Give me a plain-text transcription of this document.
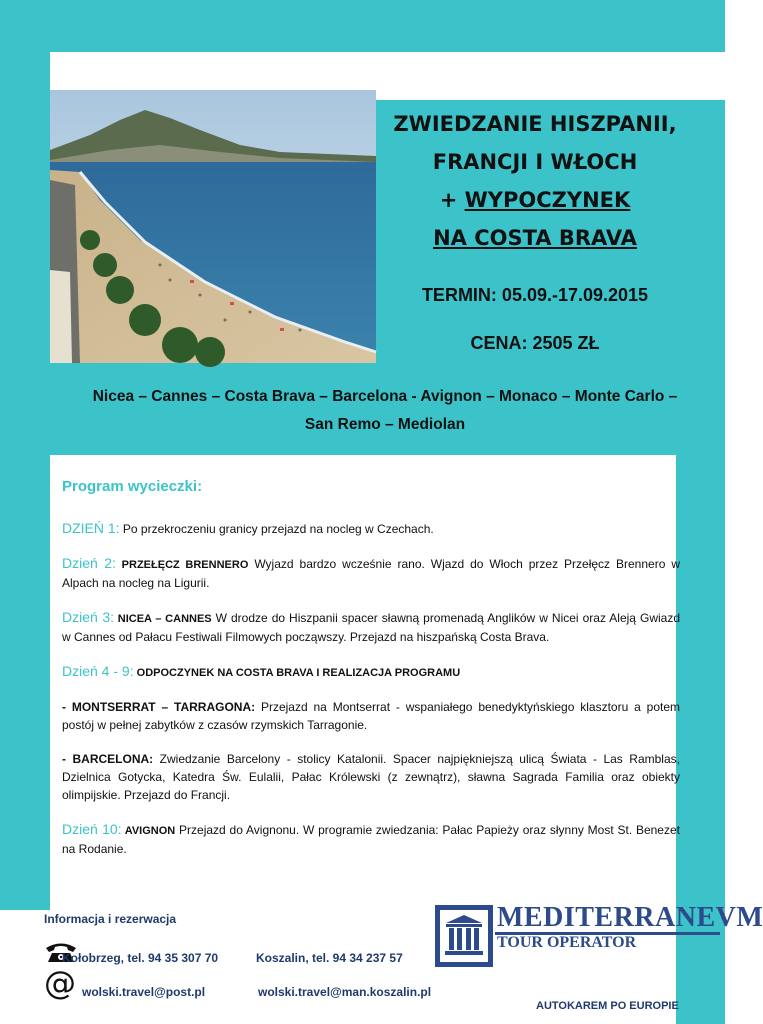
ZWIEDZANIE HISZPANII,
FRANCJI I WŁOCH
+ WYPOCZYNEK
NA COSTA BRAVA
TERMIN: 05.09.-17.09.2015
CENA: 2505 ZŁ
Nicea – Cannes – Costa Brava – Barcelona - Avignon – Monaco – Monte Carlo –
San Remo – Mediolan
Program wycieczki:

DZIEŃ 1: Po przekroczeniu granicy przejazd na nocleg w Czechach.

Dzień 2: PRZEŁĘCZ BRENNERO Wyjazd bardzo wcześnie rano. Wjazd do Włoch przez Przełęcz Brennero w Alpach na nocleg na Ligurii.

Dzień 3: NICEA – CANNES W drodze do Hiszpanii spacer sławną promenadą Anglików w Nicei oraz Aleją Gwiazd w Cannes od Pałacu Festiwali Filmowych począwszy. Przejazd na hiszpańską Costa Brava.

Dzień 4 - 9: ODPOCZYNEK NA COSTA BRAVA I REALIZACJA PROGRAMU

- MONTSERRAT – TARRAGONA: Przejazd na Montserrat - wspaniałego benedyktyńskiego klasztoru a potem postój w pełnej zabytków z czasów rzymskich Tarragonie.

- BARCELONA: Zwiedzanie Barcelony - stolicy Katalonii. Spacer najpiękniejszą ulicą Świata - Las Ramblas, Dzielnica Gotycka, Katedra Św. Eulalii, Pałac Królewski (z zewnątrz), sławna Sagrada Familia oraz obiekty olimpijskie. Przejazd do Francji.

Dzień 10: AVIGNON Przejazd do Avignonu. W programie zwiedzania: Pałac Papieży oraz słynny Most St. Benezet na Rodanie.

Informacja i rezerwacja
Kołobrzeg, tel. 94 35 307 70	Koszalin, tel. 94 34 237 57
@ wolski.travel@post.pl	wolski.travel@man.koszalin.pl
MEDITERRANEVM
TOUR OPERATOR
AUTOKAREM PO EUROPIE
